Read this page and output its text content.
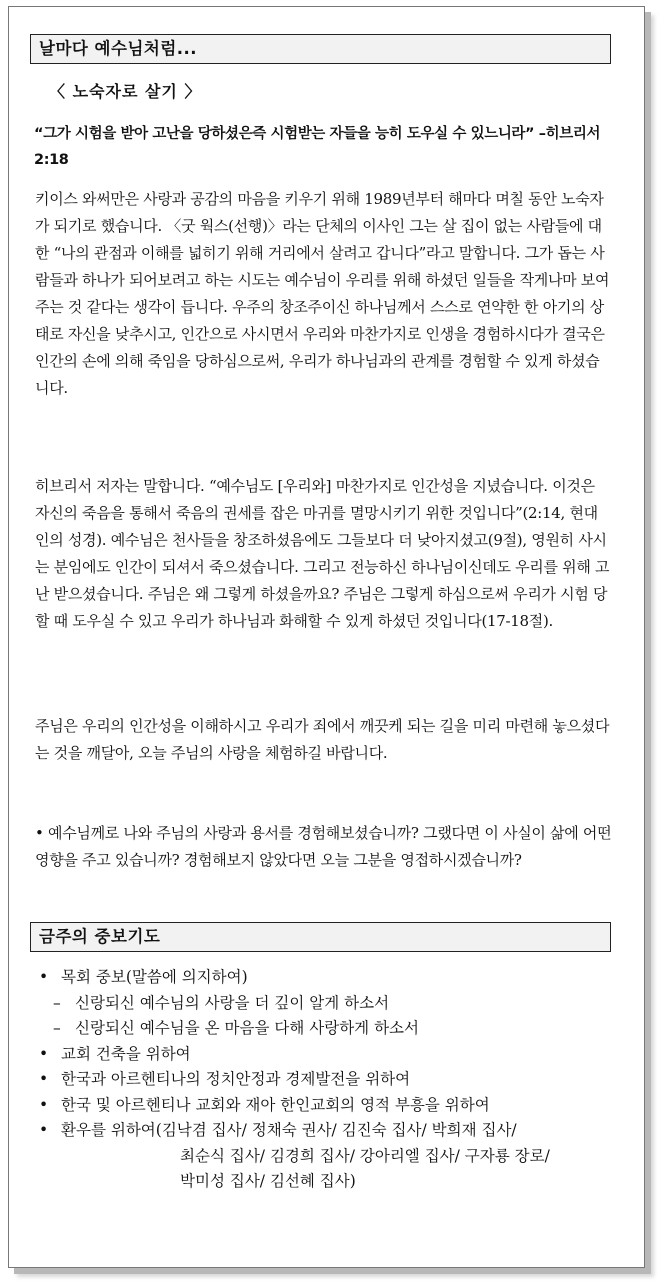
날마다 예수님처럼...
〈 노숙자로 살기 〉

“그가 시험을 받아 고난을 당하셨은즉 시험받는 자들을 능히 도우실 수 있느니라” –히브리서 2:18

키이스 와써만은 사랑과 공감의 마음을 키우기 위해 1989년부터 해마다 며칠 동안 노숙자가 되기로 했습니다. 〈굿 웍스(선행)〉라는 단체의 이사인 그는 살 집이 없는 사람들에 대한 “나의 관점과 이해를 넓히기 위해 거리에서 살려고 갑니다”라고 말합니다. 그가 돕는 사람들과 하나가 되어보려고 하는 시도는 예수님이 우리를 위해 하셨던 일들을 작게나마 보여주는 것 같다는 생각이 듭니다. 우주의 창조주이신 하나님께서 스스로 연약한 한 아기의 상태로 자신을 낮추시고, 인간으로 사시면서 우리와 마찬가지로 인생을 경험하시다가 결국은 인간의 손에 의해 죽임을 당하심으로써, 우리가 하나님과의 관계를 경험할 수 있게 하셨습니다.

히브리서 저자는 말합니다. “예수님도 [우리와] 마찬가지로 인간성을 지녔습니다. 이것은 자신의 죽음을 통해서 죽음의 권세를 잡은 마귀를 멸망시키기 위한 것입니다”(2:14, 현대인의 성경). 예수님은 천사들을 창조하셨음에도 그들보다 더 낮아지셨고(9절), 영원히 사시는 분임에도 인간이 되셔서 죽으셨습니다. 그리고 전능하신 하나님이신데도 우리를 위해 고난 받으셨습니다. 주님은 왜 그렇게 하셨을까요? 주님은 그렇게 하심으로써 우리가 시험 당할 때 도우실 수 있고 우리가 하나님과 화해할 수 있게 하셨던 것입니다(17-18절).

주님은 우리의 인간성을 이해하시고 우리가 죄에서 깨끗케 되는 길을 미리 마련해 놓으셨다는 것을 깨달아, 오늘 주님의 사랑을 체험하길 바랍니다.

• 예수님께로 나와 주님의 사랑과 용서를 경험해보셨습니까? 그랬다면 이 사실이 삶에 어떤 영향을 주고 있습니까? 경험해보지 않았다면 오늘 그분을 영접하시겠습니까?

금주의 중보기도
• 목회 중보(말씀에 의지하여)
– 신랑되신 예수님의 사랑을 더 깊이 알게 하소서
– 신랑되신 예수님을 온 마음을 다해 사랑하게 하소서
• 교회 건축을 위하여
• 한국과 아르헨티나의 정치안정과 경제발전을 위하여
• 한국 및 아르헨티나 교회와 재아 한인교회의 영적 부흥을 위하여
• 환우를 위하여(김낙겸 집사/ 정채숙 권사/ 김진숙 집사/ 박희재 집사/
최순식 집사/ 김경희 집사/ 강아리엘 집사/ 구자룡 장로/
박미성 집사/ 김선혜 집사)
